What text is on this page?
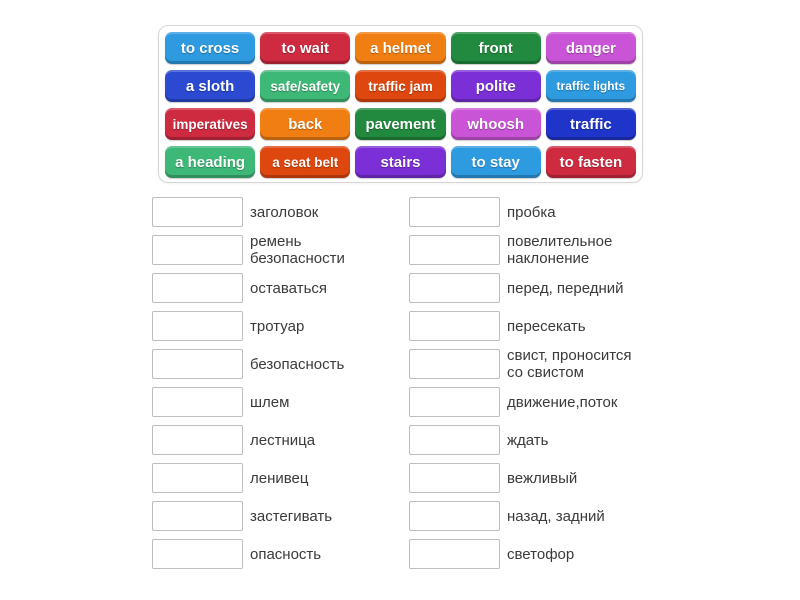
to cross	to wait	a helmet	front	danger
a sloth	safe/safety	traffic jam	polite	traffic lights
imperatives	back	pavement	whoosh	traffic
a heading	a seat belt	stairs	to stay	to fasten
заголовок
ремень безопасности
оставаться
тротуар
безопасность
шлем
лестница
ленивец
застегивать
опасность
пробка
повелительное наклонение
перед, передний
пересекать
свист, проносится со свистом
движение,поток
ждать
вежливый
назад, задний
светофор
